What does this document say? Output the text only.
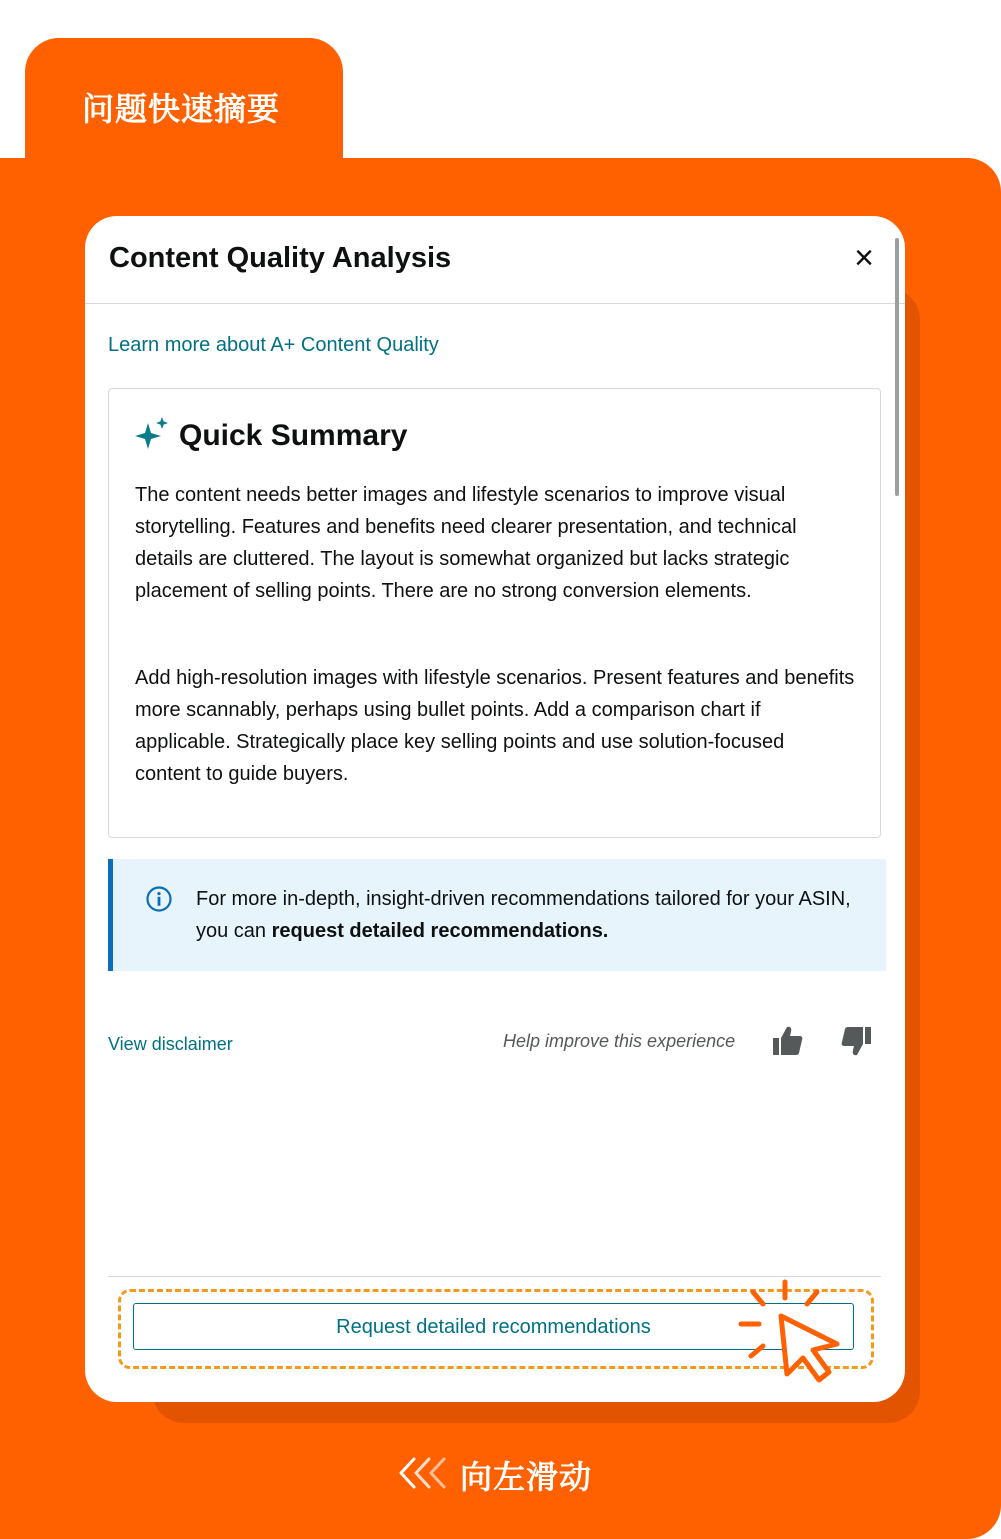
问题快速摘要
Content Quality Analysis	×
Learn more about A+ Content Quality
Quick Summary

The content needs better images and lifestyle scenarios to improve visual storytelling. Features and benefits need clearer presentation, and technical details are cluttered. The layout is somewhat organized but lacks strategic placement of selling points. There are no strong conversion elements.

Add high-resolution images with lifestyle scenarios. Present features and benefits more scannably, perhaps using bullet points. Add a comparison chart if applicable. Strategically place key selling points and use solution-focused content to guide buyers.

For more in-depth, insight-driven recommendations tailored for your ASIN, you can request detailed recommendations.

View disclaimer	Help improve this experience
Request detailed recommendations
向左滑动
